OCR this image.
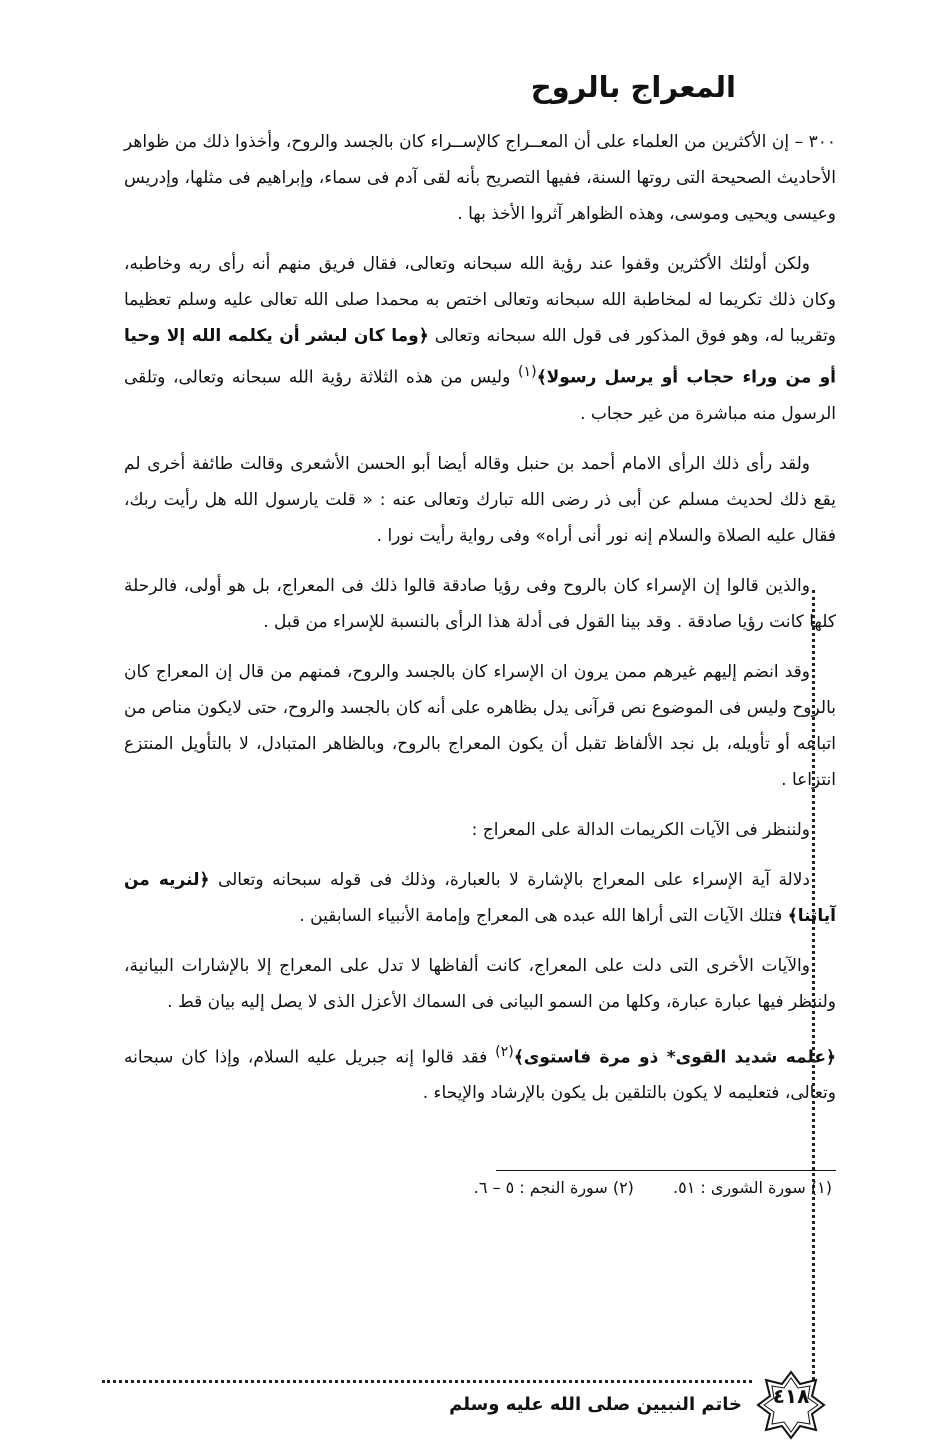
المعراج بالروح

٣٠٠ – إن الأكثرين من العلماء على أن المعــراج كالإســراء كان بالجسد والروح، وأخذوا ذلك من ظواهر الأحاديث الصحيحة التى روتها السنة، ففيها التصريح بأنه لقى آدم فى سماء، وإبراهيم فى مثلها، وإدريس وعيسى ويحيى وموسى، وهذه الظواهر آثروا الأخذ بها .

ولكن أولئك الأكثرين وقفوا عند رؤية الله سبحانه وتعالى، فقال فريق منهم أنه رأى ربه وخاطبه، وكان ذلك تكريما له لمخاطبة الله سبحانه وتعالى اختص به محمدا صلى الله تعالى عليه وسلم تعظيما وتقريبا له، وهو فوق المذكور فى قول الله سبحانه وتعالى ﴿وما كان لبشر أن يكلمه الله إلا وحيا أو من وراء حجاب أو يرسل رسولا﴾$^{(١)}$ وليس من هذه الثلاثة رؤية الله سبحانه وتعالى، وتلقى الرسول منه مباشرة من غير حجاب .

ولقد رأى ذلك الرأى الامام أحمد بن حنبل وقاله أيضا أبو الحسن الأشعرى وقالت طائفة أخرى لم يقع ذلك لحديث مسلم عن أبى ذر رضى الله تبارك وتعالى عنه : « قلت يارسول الله هل رأيت ربك، فقال عليه الصلاة والسلام إنه نور أنى أراه» وفى رواية رأيت نورا .

والذين قالوا إن الإسراء كان بالروح وفى رؤيا صادقة قالوا ذلك فى المعراج، بل هو أولى، فالرحلة كلها كانت رؤيا صادقة . وقد بينا القول فى أدلة هذا الرأى بالنسبة للإسراء من قبل .

وقد انضم إليهم غيرهم ممن يرون ان الإسراء كان بالجسد والروح، فمنهم من قال إن المعراج كان بالروح وليس فى الموضوع نص قرآنى يدل بظاهره على أنه كان بالجسد والروح، حتى لايكون مناص من اتباعه أو تأويله، بل نجد الألفاظ تقبل أن يكون المعراج بالروح، وبالظاهر المتبادل، لا بالتأويل المنتزع انتزاعا .

ولننظر فى الآيات الكريمات الدالة على المعراج :

دلالة آية الإسراء على المعراج بالإشارة لا بالعبارة، وذلك فى قوله سبحانه وتعالى ﴿لنريه من آياتنا﴾ فتلك الآيات التى أراها الله عبده هى المعراج وإمامة الأنبياء السابقين .

والآيات الأخرى التى دلت على المعراج، كانت ألفاظها لا تدل على المعراج إلا بالإشارات البيانية، ولننظر فيها عبارة عبارة، وكلها من السمو البيانى فى السماك الأعزل الذى لا يصل إليه بيان قط .

﴿علمه شديد القوى* ذو مرة فاستوى﴾$^{(٢)}$ فقد قالوا إنه جبريل عليه السلام، وإذا كان سبحانه وتعالى، فتعليمه لا يكون بالتلقين بل يكون بالإرشاد والإيحاء .

(١) سورة الشورى : ٥١. (٢) سورة النجم : ٥ – ٦.
٤١٨
خاتم النبيين صلى الله عليه وسلم
